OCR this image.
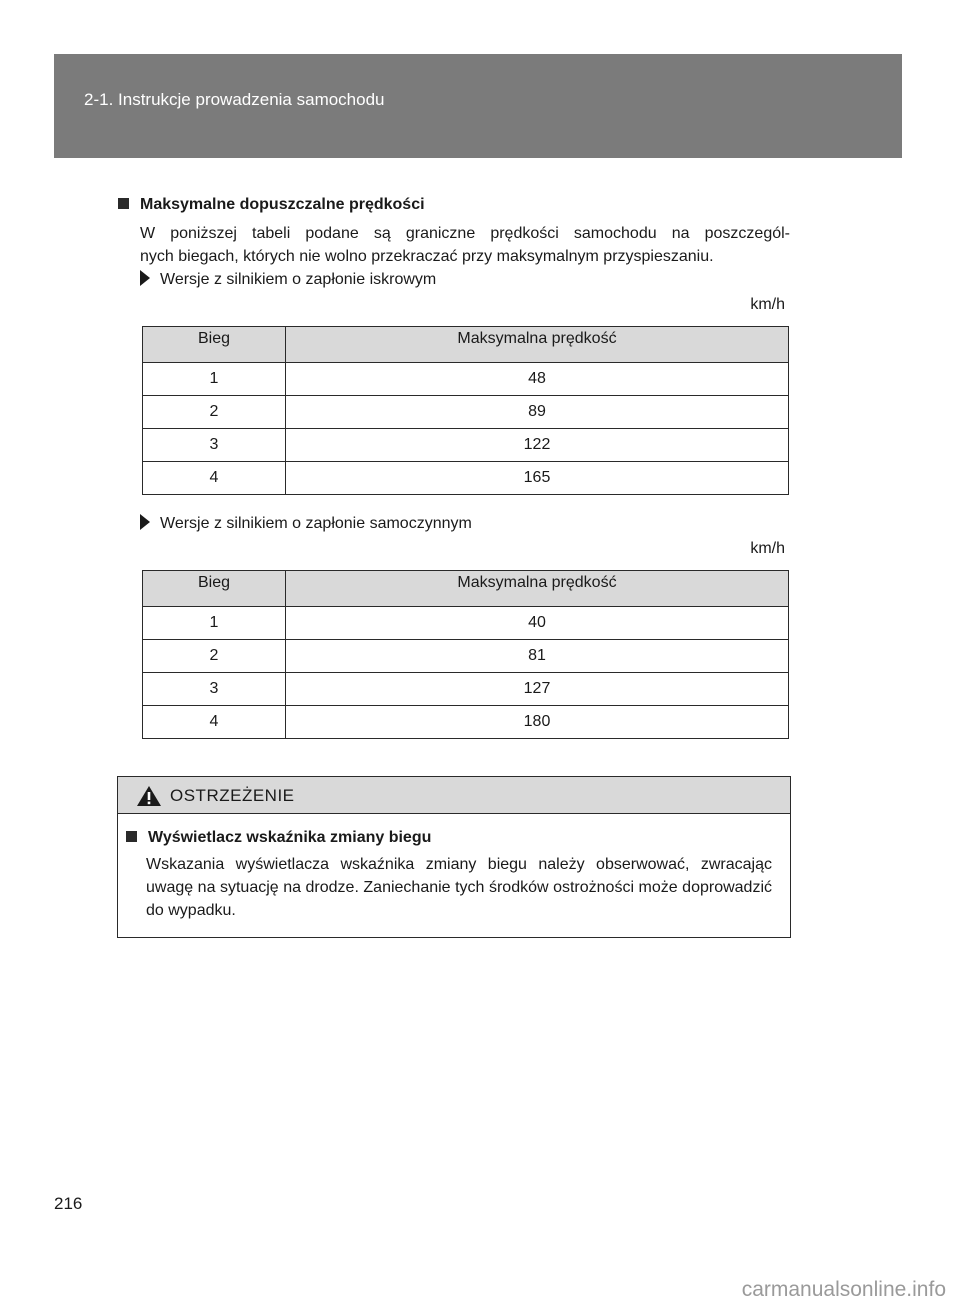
2-1. Instrukcje prowadzenia samochodu
Maksymalne dopuszczalne prędkości
W poniższej tabeli podane są graniczne prędkości samochodu na poszczegól-
nych biegach, których nie wolno przekraczać przy maksymalnym przyspieszaniu.
Wersje z silnikiem o zapłonie iskrowym
km/h
Bieg	Maksymalna prędkość
1	48
2	89
3	122
4	165
Wersje z silnikiem o zapłonie samoczynnym
km/h
Bieg	Maksymalna prędkość
1	40
2	81
3	127
4	180
OSTRZEŻENIE
Wyświetlacz wskaźnika zmiany biegu
Wskazania wyświetlacza wskaźnika zmiany biegu należy obserwować, zwracając uwagę na sytuację na drodze. Zaniechanie tych środków ostrożności może doprowadzić do wypadku.
216
carmanualsonline.info
